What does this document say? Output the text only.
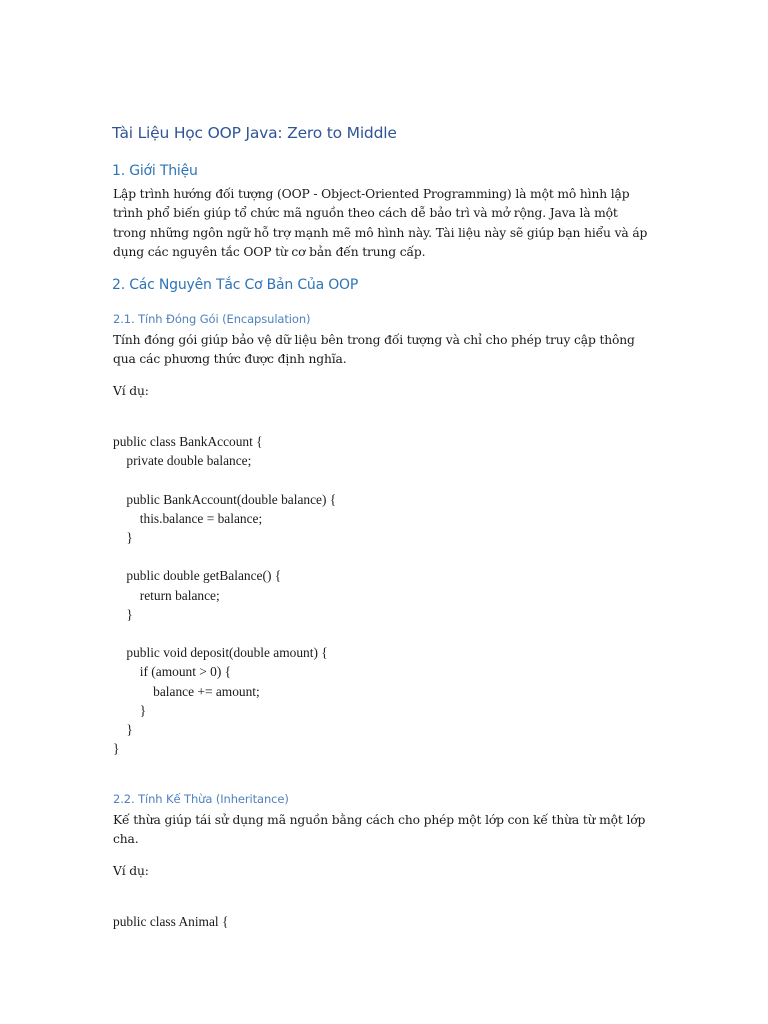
Tài Liệu Học OOP Java: Zero to Middle
1. Giới Thiệu

Lập trình hướng đối tượng (OOP - Object-Oriented Programming) là một mô hình lập trình phổ biến giúp tổ chức mã nguồn theo cách dễ bảo trì và mở rộng. Java là một trong những ngôn ngữ hỗ trợ mạnh mẽ mô hình này. Tài liệu này sẽ giúp bạn hiểu và áp dụng các nguyên tắc OOP từ cơ bản đến trung cấp.

2. Các Nguyên Tắc Cơ Bản Của OOP
2.1. Tính Đóng Gói (Encapsulation)

Tính đóng gói giúp bảo vệ dữ liệu bên trong đối tượng và chỉ cho phép truy cập thông qua các phương thức được định nghĩa.

Ví dụ:

public class BankAccount {
private double balance;

public BankAccount(double balance) {
this.balance = balance;
}

public double getBalance() {
return balance;
}

public void deposit(double amount) {
if (amount > 0) {
balance += amount;
}
}
}
2.2. Tính Kế Thừa (Inheritance)

Kế thừa giúp tái sử dụng mã nguồn bằng cách cho phép một lớp con kế thừa từ một lớp cha.

Ví dụ:

public class Animal {
